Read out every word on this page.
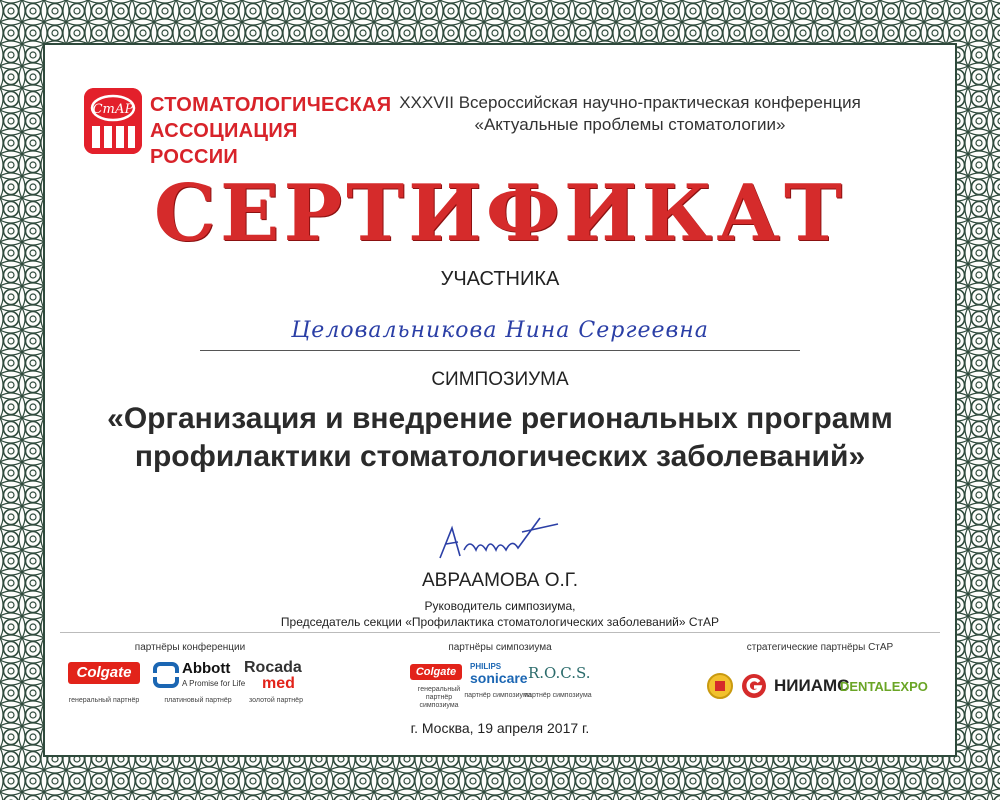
СтАР СТОМАТОЛОГИЧЕСКАЯ
АССОЦИАЦИЯ РОССИИ
XXXVII Всероссийская научно-практическая конференция
«Актуальные проблемы стоматологии»
СЕРТИФИКАТ
УЧАСТНИКА
Целовальникова Нина Сергеевна
СИМПОЗИУМА
«Организация и внедрение региональных программ
профилактики стоматологических заболеваний»
АВРААМОВА О.Г.
Руководитель симпозиума,
Председатель секции «Профилактика стоматологических заболеваний» СтАР
партнёры конференции
Colgate
генеральный партнёр
Abbott
A Promise for Life
платиновый партнёр
Rocada
med
золотой партнёр
партнёры симпозиума
Colgate
генеральный партнёр
симпозиума
PHILIPS
sonicare
партнёр симпозиума
R.O.C.S.
партнёр симпозиума
стратегические партнёры СтАР
НИИАМС
DENTALEXPO
г. Москва, 19 апреля 2017 г.
